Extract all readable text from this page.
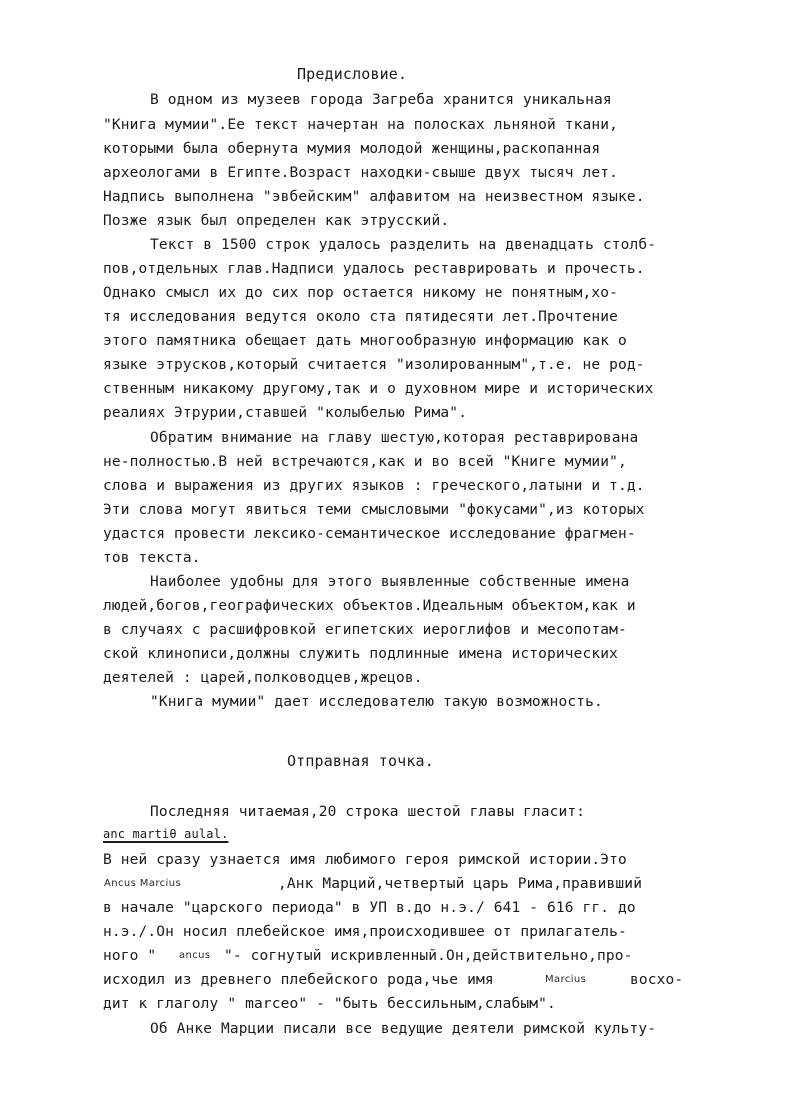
Предисловие.
В одном из музеев города Загреба хранится уникальная
"Книга мумии".Ее текст начертан на полосках льняной ткани,
которыми была обернута мумия молодой женщины,раскопанная
археологами в Египте.Возраст находки-свыше двух тысяч лет.
Надпись выполнена "эвбейским" алфавитом на неизвестном языке.
Позже язык был определен как этрусский.
Текст в 1500 строк удалось разделить на двенадцать столб-
пов,отдельных глав.Надписи удалось реставрировать и прочесть.
Однако смысл их до сих пор остается никому не понятным,хо-
тя исследования ведутся около ста пятидесяти лет.Прочтение
этого памятника обещает дать многообразную информацию как о
языке этрусков,который считается "изолированным",т.е. не род-
ственным никакому другому,так и о духовном мире и исторических
реалиях Этрурии,ставшей "колыбелью Рима".
Обратим внимание на главу шестую,которая реставрирована
не-полностью.В ней встречаются,как и во всей "Книге мумии",
слова и выражения из других языков : греческого,латыни и т.д.
Эти слова могут явиться теми смысловыми "фокусами",из которых
удастся провести лексико-семантическое исследование фрагмен-
тов текста.
Наиболее удобны для этого выявленные собственные имена
людей,богов,географических объектов.Идеальным объектом,как и
в случаях с расшифровкой египетских иероглифов и месопотам-
ской клинописи,должны служить подлинные имена исторических
деятелей : царей,полководцев,жрецов.
"Книга мумии" дает исследователю такую возможность.
Отправная точка.
Последняя читаемая,20 строка шестой главы гласит:
anc martiθ aulal.
В ней сразу узнается имя любимого героя римской истории.Это
Ancus Marcius	,Анк Марций,четвертый царь Рима,правивший
в начале "царского периода" в УП в.до н.э./ 641 - 616 гг. до
н.э./.Он носил плебейское имя,происходившее от прилагатель-
ного " ancus "- согнутый искривленный.Он,действительно,про-
исходил из древнего плебейского рода,чье имя	Marcius	восхо-
дит к глаголу " marceo" - "быть бессильным,слабым".
Об Анке Марции писали все ведущие деятели римской культу-
